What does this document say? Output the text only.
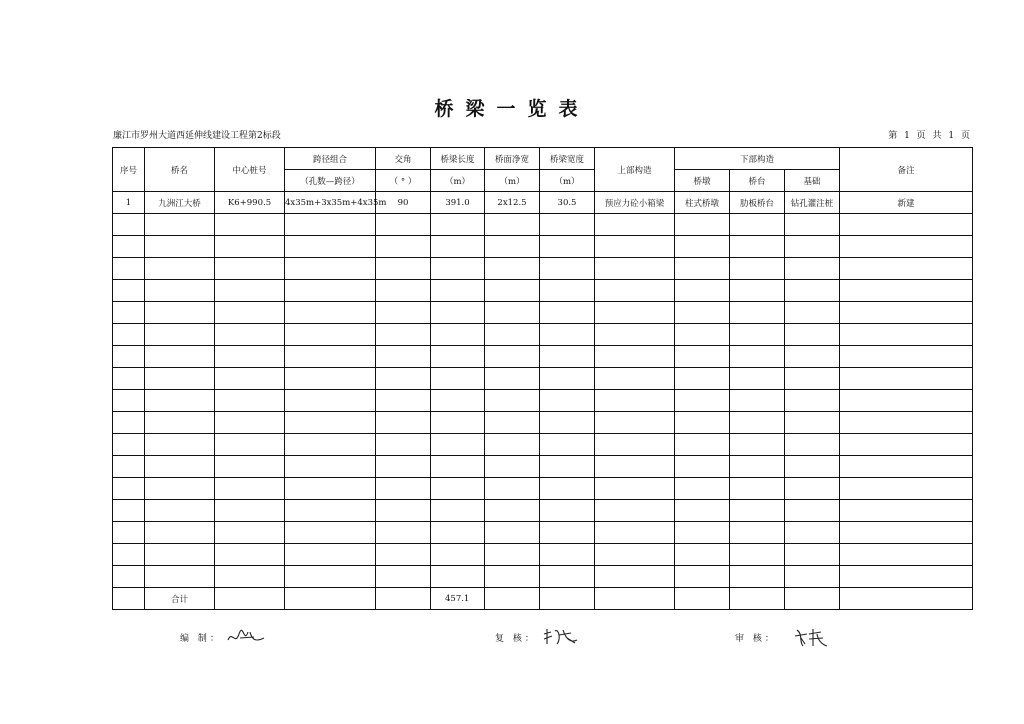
桥梁一览表
廉江市罗州大道西延伸线建设工程第2标段	第 1 页 共 1 页
序号	桥名	中心桩号	跨径组合	交角	桥梁长度	桥面净宽	桥梁宽度	上部构造	下部构造			备注
			（孔数—跨径）	（ ° ）	（m）	（m）	（m）		桥墩	桥台	基础	
1	九洲江大桥	K6+990.5	4x35m+3x35m+4x35m	90	391.0	2x12.5	30.5	预应力砼小箱梁	柱式桥墩	肋板桥台	钻孔灌注桩	新建

	合计				457.1							
编 制：	复 核：	审 核：
